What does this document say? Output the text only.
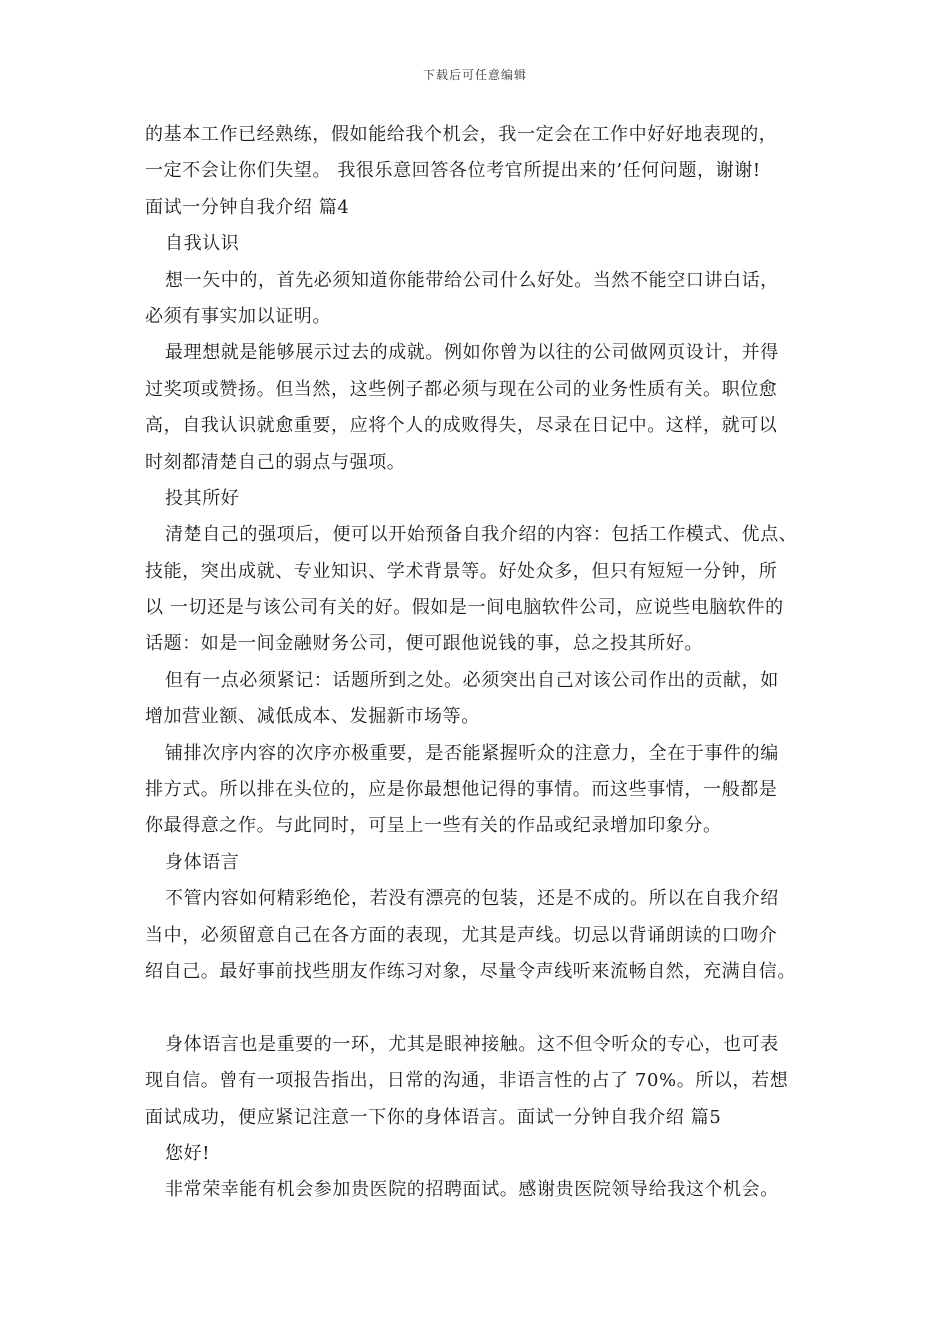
下载后可任意编辑
的基本工作已经熟练，假如能给我个机会，我一定会在工作中好好地表现的，
一定不会让你们失望。 我很乐意回答各位考官所提出来的’任何问题，谢谢!
面试一分钟自我介绍 篇4
自我认识
想一矢中的，首先必须知道你能带给公司什么好处。当然不能空口讲白话，
必须有事实加以证明。
最理想就是能够展示过去的成就。例如你曾为以往的公司做网页设计，并得
过奖项或赞扬。但当然，这些例子都必须与现在公司的业务性质有关。职位愈
高，自我认识就愈重要，应将个人的成败得失，尽录在日记中。这样，就可以
时刻都清楚自己的弱点与强项。
投其所好
清楚自己的强项后，便可以开始预备自我介绍的内容：包括工作模式、优点、
技能，突出成就、专业知识、学术背景等。好处众多，但只有短短一分钟，所
以 一切还是与该公司有关的好。假如是一间电脑软件公司，应说些电脑软件的
话题：如是一间金融财务公司，便可跟他说钱的事，总之投其所好。
但有一点必须紧记：话题所到之处。必须突出自己对该公司作出的贡献，如
增加营业额、减低成本、发掘新市场等。
铺排次序内容的次序亦极重要，是否能紧握听众的注意力，全在于事件的编
排方式。所以排在头位的，应是你最想他记得的事情。而这些事情，一般都是
你最得意之作。与此同时，可呈上一些有关的作品或纪录增加印象分。
身体语言
不管内容如何精彩绝伦，若没有漂亮的包装，还是不成的。所以在自我介绍
当中，必须留意自己在各方面的表现，尤其是声线。切忌以背诵朗读的口吻介
绍自己。最好事前找些朋友作练习对象，尽量令声线听来流畅自然，充满自信。
身体语言也是重要的一环，尤其是眼神接触。这不但令听众的专心，也可表
现自信。曾有一项报告指出，日常的沟通，非语言性的占了 70%。所以，若想
面试成功，便应紧记注意一下你的身体语言。面试一分钟自我介绍 篇5
您好!
非常荣幸能有机会参加贵医院的招聘面试。感谢贵医院领导给我这个机会。
